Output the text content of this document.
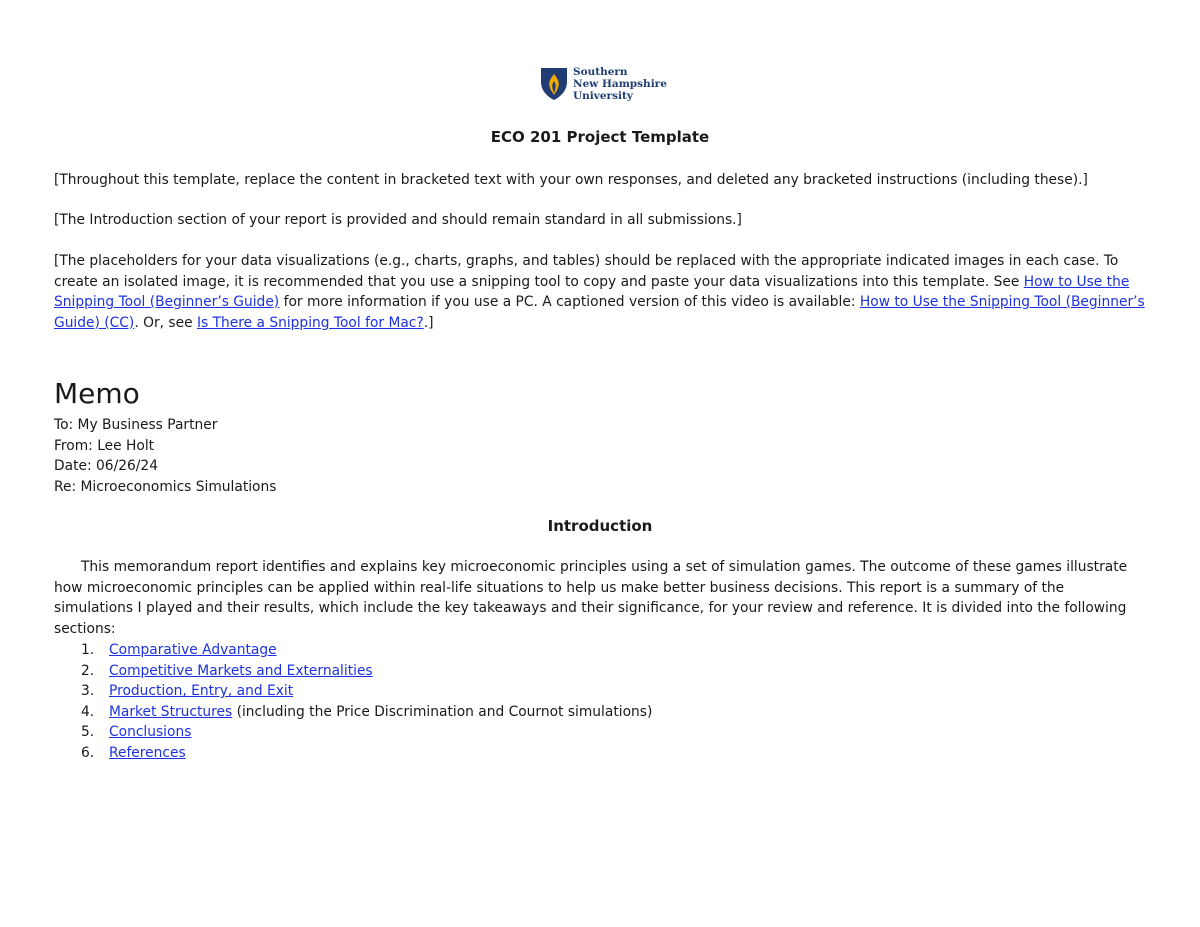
Southern
New Hampshire
University
ECO 201 Project Template

[Throughout this template, replace the content in bracketed text with your own responses, and deleted any bracketed instructions (including these).]

[The Introduction section of your report is provided and should remain standard in all submissions.]

[The placeholders for your data visualizations (e.g., charts, graphs, and tables) should be replaced with the appropriate indicated images in each case. To create an isolated image, it is recommended that you use a snipping tool to copy and paste your data visualizations into this template. See How to Use the Snipping Tool (Beginner’s Guide) for more information if you use a PC. A captioned version of this video is available: How to Use the Snipping Tool (Beginner’s Guide) (CC). Or, see Is There a Snipping Tool for Mac?.]

Memo
To: My Business Partner
From: Lee Holt
Date: 06/26/24
Re: Microeconomics Simulations
Introduction
This memorandum report identifies and explains key microeconomic principles using a set of simulation games. The outcome of these games illustrate how microeconomic principles can be applied within real-life situations to help us make better business decisions. This report is a summary of the simulations I played and their results, which include the key takeaways and their significance, for your review and reference. It is divided into the following sections:
1. Comparative Advantage
2. Competitive Markets and Externalities
3. Production, Entry, and Exit
4. Market Structures (including the Price Discrimination and Cournot simulations)
5. Conclusions
6. References
